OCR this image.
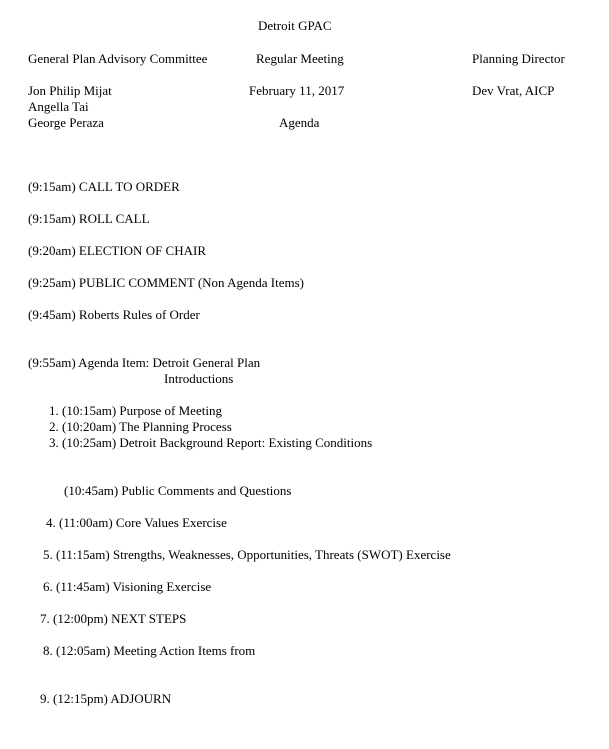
Detroit GPAC
General Plan Advisory Committee	Regular Meeting	Planning Director
Jon Philip Mijat
Angella Tai
George Peraza
February 11, 2017	Dev Vrat, AICP
Agenda
(9:15am) CALL TO ORDER
(9:15am) ROLL CALL
(9:20am) ELECTION OF CHAIR
(9:25am) PUBLIC COMMENT (Non Agenda Items)
(9:45am) Roberts Rules of Order
(9:55am) Agenda Item: Detroit General Plan
Introductions
1. (10:15am) Purpose of Meeting
2. (10:20am) The Planning Process
3. (10:25am) Detroit Background Report: Existing Conditions
(10:45am) Public Comments and Questions
4. (11:00am) Core Values Exercise
5. (11:15am) Strengths, Weaknesses, Opportunities, Threats (SWOT) Exercise
6. (11:45am) Visioning Exercise
7. (12:00pm) NEXT STEPS
8. (12:05am) Meeting Action Items from
9. (12:15pm) ADJOURN
